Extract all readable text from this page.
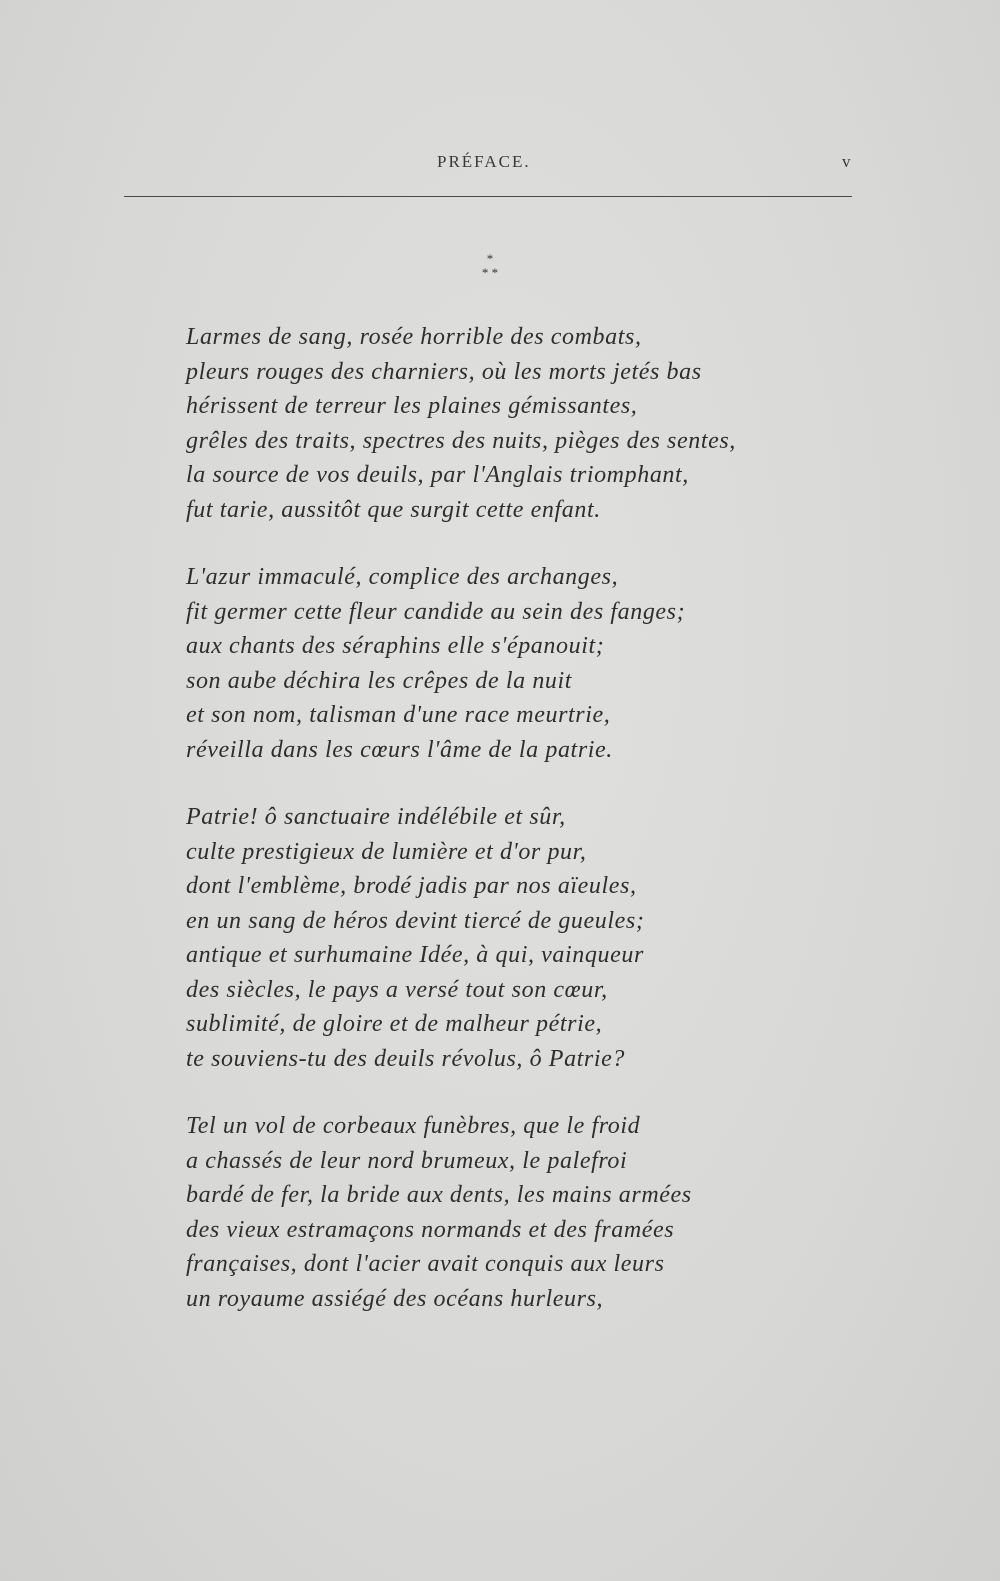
PRÉFACE.	v
*
* *
Larmes de sang, rosée horrible des combats,
pleurs rouges des charniers, où les morts jetés bas
hérissent de terreur les plaines gémissantes,
grêles des traits, spectres des nuits, pièges des sentes,
la source de vos deuils, par l'Anglais triomphant,
fut tarie, aussitôt que surgit cette enfant.
L'azur immaculé, complice des archanges,
fit germer cette fleur candide au sein des fanges;
aux chants des séraphins elle s'épanouit;
son aube déchira les crêpes de la nuit
et son nom, talisman d'une race meurtrie,
réveilla dans les cœurs l'âme de la patrie.
Patrie! ô sanctuaire indélébile et sûr,
culte prestigieux de lumière et d'or pur,
dont l'emblème, brodé jadis par nos aïeules,
en un sang de héros devint tiercé de gueules;
antique et surhumaine Idée, à qui, vainqueur
des siècles, le pays a versé tout son cœur,
sublimité, de gloire et de malheur pétrie,
te souviens-tu des deuils révolus, ô Patrie?
Tel un vol de corbeaux funèbres, que le froid
a chassés de leur nord brumeux, le palefroi
bardé de fer, la bride aux dents, les mains armées
des vieux estramaçons normands et des framées
françaises, dont l'acier avait conquis aux leurs
un royaume assiégé des océans hurleurs,
